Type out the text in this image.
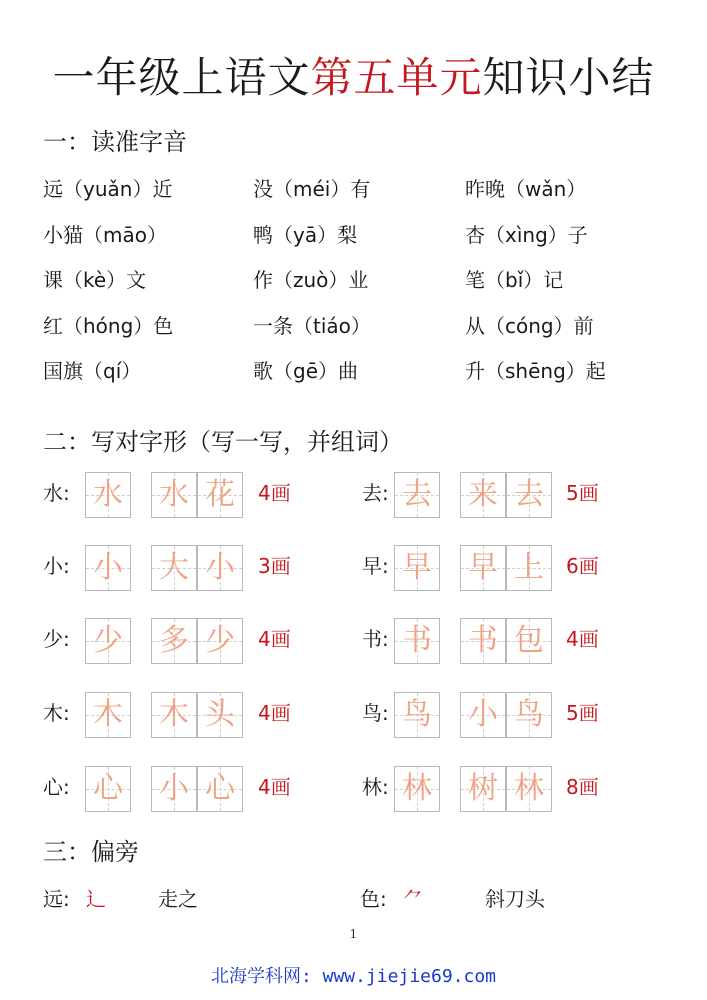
一年级上语文第五单元知识小结
一：读准字音
远（yuǎn）近	没（méi）有	昨晚（wǎn）
小猫（māo）	鸭（yā）梨	杏（xìng）子
课（kè）文	作（zuò）业	笔（bǐ）记
红（hóng）色	一条（tiáo）	从（cóng）前
国旗（qí）	歌（gē）曲	升（shēng）起
二：写对字形（写一写，并组词）
水: 水 水 花 4画
小: 小 大 小 3画
少: 少 多 少 4画
木: 木 木 头 4画
心: 心 小 心 4画
去: 去 来 去 5画
早: 早 早 上 6画
书: 书 书 包 4画
鸟: 鸟 小 鸟 5画
林: 林 树 林 8画
三：偏旁
远: 辶	走之	色: ⺈	斜刀头
1
北海学科网: www.jiejie69.com
